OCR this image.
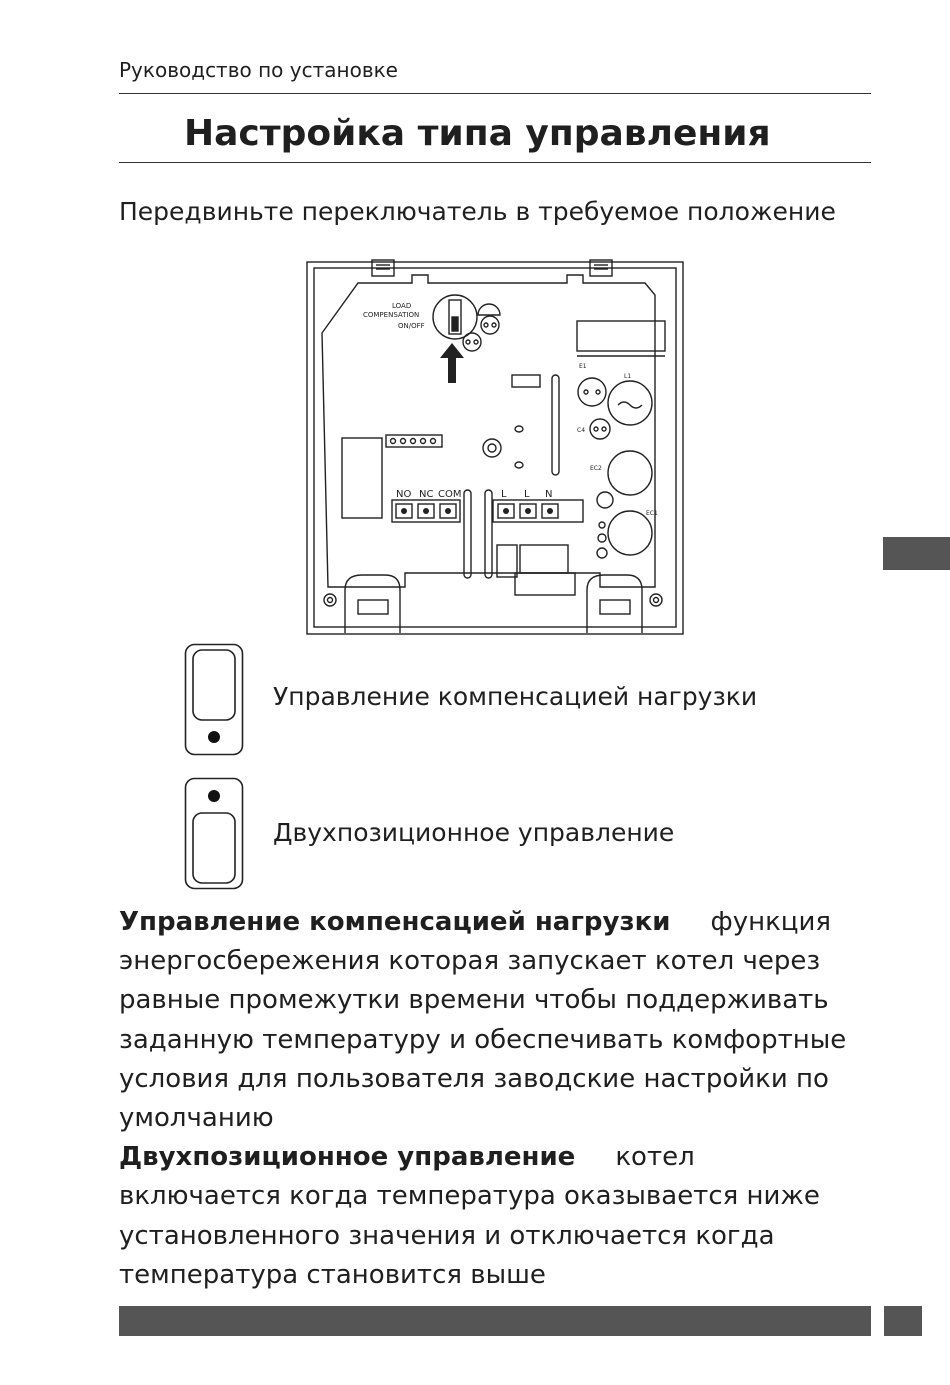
Руководство по установке
Настройка типа управления
Передвиньте переключатель в требуемое положение
LOAD
COMPENSATION
ON/OFF
E1
L1
C4
EC2
EC1
NO NC COM	L L N
Управление компенсацией нагрузки
Двухпозиционное управление

Управление компенсацией нагрузки функция

энергосбережения которая запускает котел через

равные промежутки времени чтобы поддерживать

заданную температуру и обеспечивать комфортные

условия для пользователя заводские настройки по

умолчанию

Двухпозиционное управление котел

включается когда температура оказывается ниже

установленного значения и отключается когда

температура становится выше
